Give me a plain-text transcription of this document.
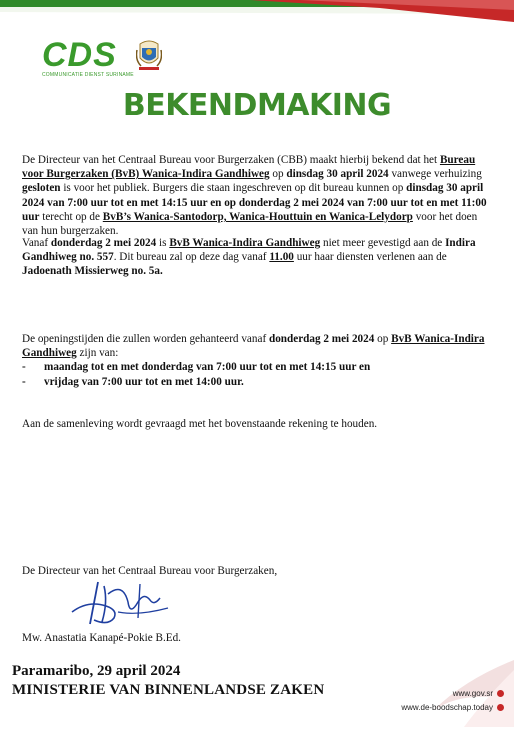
CDS
COMMUNICATIE DIENST SURINAME
BEKENDMAKING
De Directeur van het Centraal Bureau voor Burgerzaken (CBB) maakt hierbij bekend dat het Bureau voor Burgerzaken (BvB) Wanica-Indira Gandhiweg op dinsdag 30 april 2024 vanwege verhuizing gesloten is voor het publiek. Burgers die staan ingeschreven op dit bureau kunnen op dinsdag 30 april 2024 van 7:00 uur tot en met 14:15 uur en op donderdag 2 mei 2024 van 7:00 uur tot en met 11:00 uur terecht op de BvB’s Wanica-Santodorp, Wanica-Houttuin en Wanica-Lelydorp voor het doen van hun burgerzaken.
Vanaf donderdag 2 mei 2024 is BvB Wanica-Indira Gandhiweg niet meer gevestigd aan de Indira Gandhiweg no. 557. Dit bureau zal op deze dag vanaf 11.00 uur haar diensten verlenen aan de Jadoenath Missierweg no. 5a.
De openingstijden die zullen worden gehanteerd vanaf donderdag 2 mei 2024 op BvB Wanica-Indira Gandhiweg zijn van:
- maandag tot en met donderdag van 7:00 uur tot en met 14:15 uur en
- vrijdag van 7:00 uur tot en met 14:00 uur.
Aan de samenleving wordt gevraagd met het bovenstaande rekening te houden.
De Directeur van het Centraal Bureau voor Burgerzaken,
Mw. Anastatia Kanapé-Pokie B.Ed.
Paramaribo, 29 april 2024
MINISTERIE VAN BINNENLANDSE ZAKEN	www.gov.sr
www.de-boodschap.today
